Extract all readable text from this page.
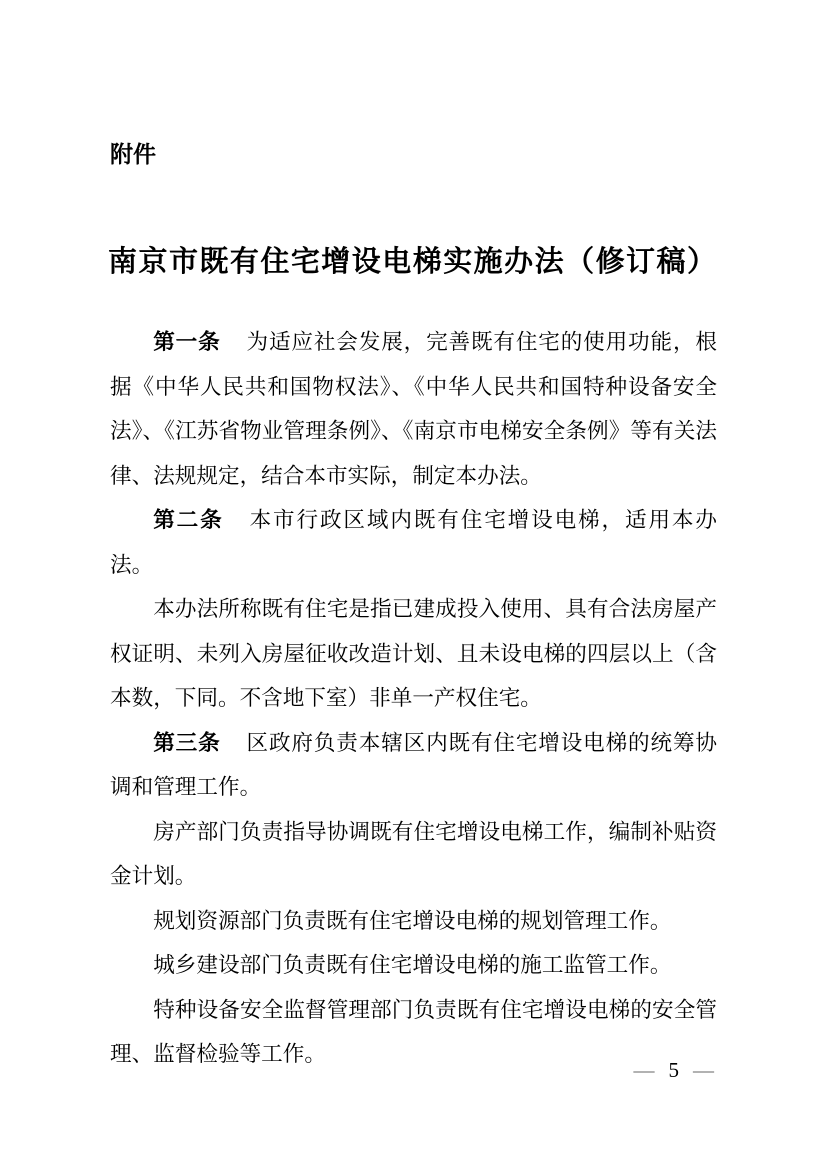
附件
南京市既有住宅增设电梯实施办法（修订稿）

第一条 为适应社会发展，完善既有住宅的使用功能，根据《中华人民共和国物权法》、《中华人民共和国特种设备安全法》、《江苏省物业管理条例》、《南京市电梯安全条例》等有关法律、法规规定，结合本市实际，制定本办法。

第二条 本市行政区域内既有住宅增设电梯，适用本办法。

本办法所称既有住宅是指已建成投入使用、具有合法房屋产权证明、未列入房屋征收改造计划、且未设电梯的四层以上（含本数，下同。不含地下室）非单一产权住宅。

第三条 区政府负责本辖区内既有住宅增设电梯的统筹协调和管理工作。

房产部门负责指导协调既有住宅增设电梯工作，编制补贴资金计划。

规划资源部门负责既有住宅增设电梯的规划管理工作。

城乡建设部门负责既有住宅增设电梯的施工监管工作。

特种设备安全监督管理部门负责既有住宅增设电梯的安全管理、监督检验等工作。

— 5 —
